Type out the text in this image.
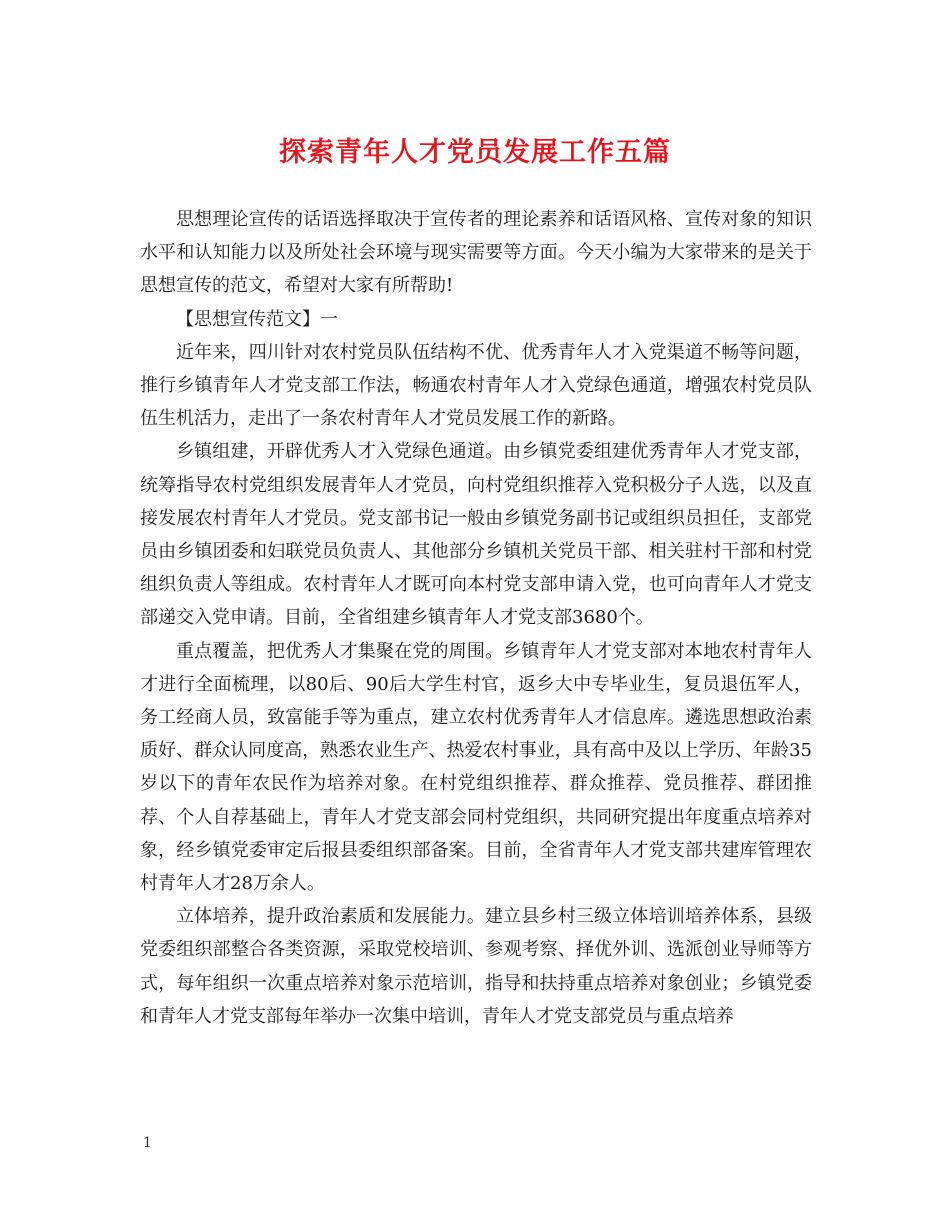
探索青年人才党员发展工作五篇

思想理论宣传的话语选择取决于宣传者的理论素养和话语风格、宣传对象的知识水平和认知能力以及所处社会环境与现实需要等方面。今天小编为大家带来的是关于思想宣传的范文，希望对大家有所帮助!

【思想宣传范文】一

近年来，四川针对农村党员队伍结构不优、优秀青年人才入党渠道不畅等问题，推行乡镇青年人才党支部工作法，畅通农村青年人才入党绿色通道，增强农村党员队伍生机活力，走出了一条农村青年人才党员发展工作的新路。

乡镇组建，开辟优秀人才入党绿色通道。由乡镇党委组建优秀青年人才党支部，统筹指导农村党组织发展青年人才党员，向村党组织推荐入党积极分子人选，以及直接发展农村青年人才党员。党支部书记一般由乡镇党务副书记或组织员担任，支部党员由乡镇团委和妇联党员负责人、其他部分乡镇机关党员干部、相关驻村干部和村党组织负责人等组成。农村青年人才既可向本村党支部申请入党，也可向青年人才党支部递交入党申请。目前，全省组建乡镇青年人才党支部3680个。

重点覆盖，把优秀人才集聚在党的周围。乡镇青年人才党支部对本地农村青年人才进行全面梳理，以80后、90后大学生村官，返乡大中专毕业生，复员退伍军人，务工经商人员，致富能手等为重点，建立农村优秀青年人才信息库。遴选思想政治素质好、群众认同度高，熟悉农业生产、热爱农村事业，具有高中及以上学历、年龄35岁以下的青年农民作为培养对象。在村党组织推荐、群众推荐、党员推荐、群团推荐、个人自荐基础上，青年人才党支部会同村党组织，共同研究提出年度重点培养对象，经乡镇党委审定后报县委组织部备案。目前，全省青年人才党支部共建库管理农村青年人才28万余人。

立体培养，提升政治素质和发展能力。建立县乡村三级立体培训培养体系，县级党委组织部整合各类资源，采取党校培训、参观考察、择优外训、选派创业导师等方式，每年组织一次重点培养对象示范培训，指导和扶持重点培养对象创业；乡镇党委和青年人才党支部每年举办一次集中培训，青年人才党支部党员与重点培养

1
